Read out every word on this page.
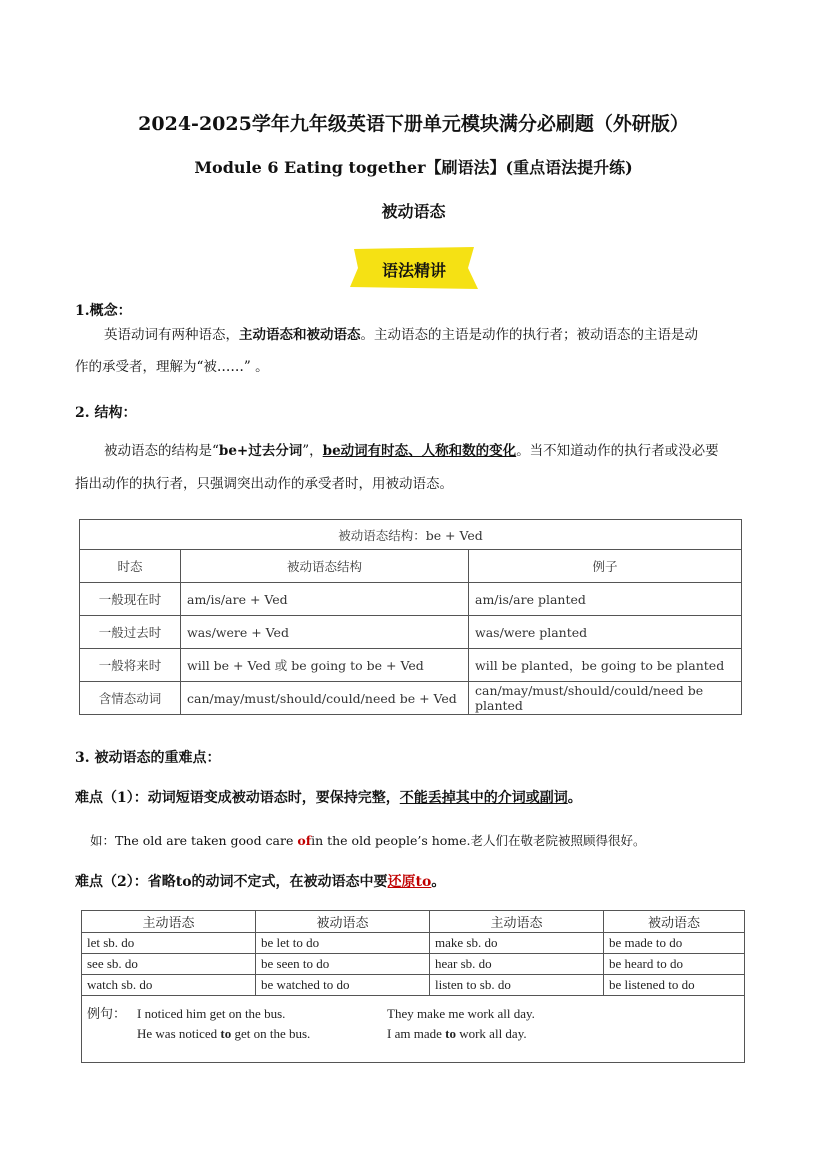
2024-2025学年九年级英语下册单元模块满分必刷题（外研版）
Module 6 Eating together【刷语法】(重点语法提升练)
被动语态
语法精讲
1.概念：
英语动词有两种语态，主动语态和被动语态。主动语态的主语是动作的执行者；被动语态的主语是动
作的承受者，理解为“被……” 。
2. 结构：
被动语态的结构是“be+过去分词”，be动词有时态、人称和数的变化。当不知道动作的执行者或没必要
指出动作的执行者，只强调突出动作的承受者时，用被动语态。
被动语态结构：be + Ved		
时态	被动语态结构	例子
一般现在时	am/is/are + Ved	am/is/are planted
一般过去时	was/were + Ved	was/were planted
一般将来时	will be + Ved 或 be going to be + Ved	will be planted，be going to be planted
含情态动词	can/may/must/should/could/need be + Ved	can/may/must/should/could/need be planted
3. 被动语态的重难点：
难点（1）：动词短语变成被动语态时，要保持完整，不能丢掉其中的介词或副词。
如：The old are taken good care ofin the old people’s home.老人们在敬老院被照顾得很好。
难点（2）：省略to的动词不定式，在被动语态中要还原to。
主动语态	被动语态	主动语态	被动语态
let sb. do	be let to do	make sb. do	be made to do
see sb. do	be seen to do	hear sb. do	be heard to do
watch sb. do	be watched to do	listen to sb. do	be listened to do

例句： I noticed him get on the bus. They make me work all day.
He was noticed to get on the bus. I am made to work all day.			
